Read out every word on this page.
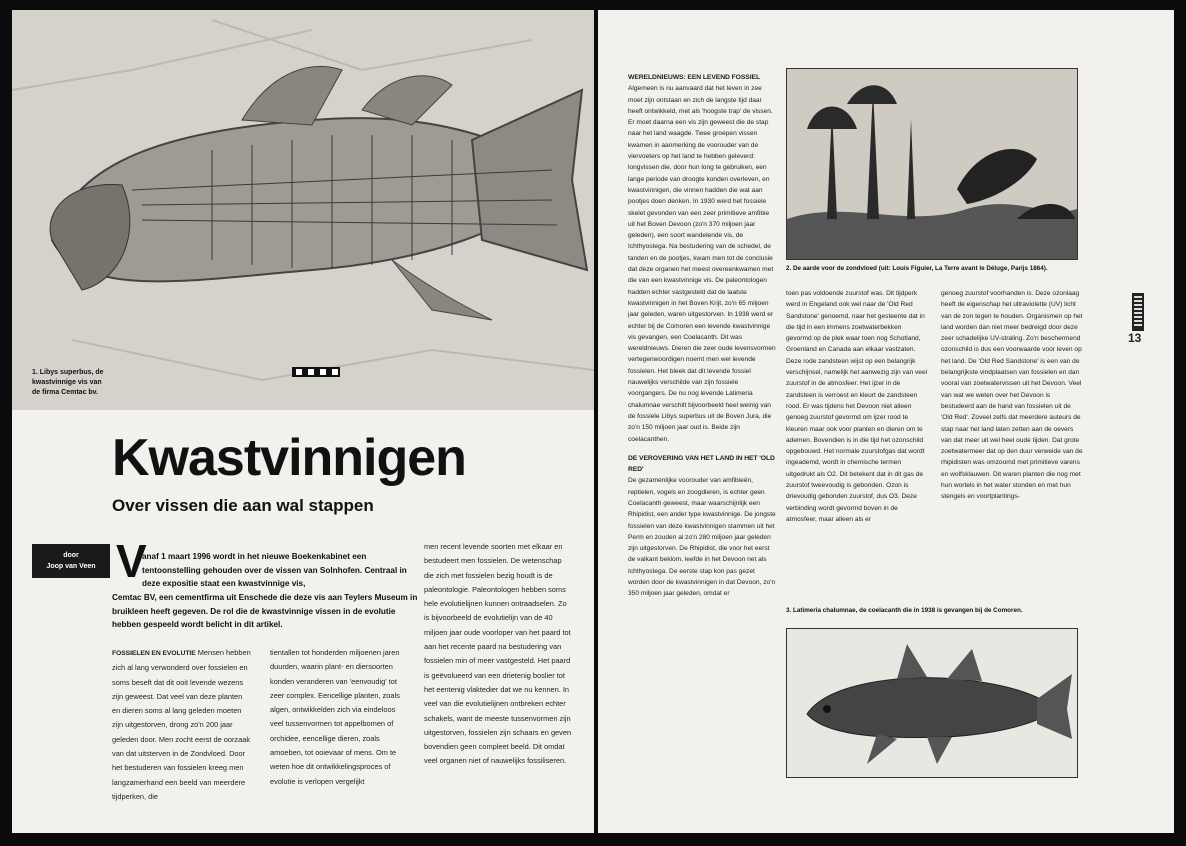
1. Libys superbus, de
kwastvinnige vis van
de firma Cemtac bv.
Kwastvinnigen
Over vissen die aan wal stappen
door
Joop van Veen V
anaf 1 maart 1996 wordt in het nieuwe Boekenkabinet een tentoonstelling gehouden over de vissen van Solnhofen. Centraal in deze expositie staat een kwastvinnige vis,
Cemtac BV, een cementfirma uit Enschede die deze vis aan Teylers Museum in bruikleen heeft gegeven. De rol die de kwastvinnige vissen in de evolutie hebben gespeeld wordt belicht in dit artikel.

FOSSIELEN EN EVOLUTIE Mensen hebben zich al lang verwonderd over fossielen en soms beseft dat dit ooit levende wezens zijn geweest. Dat veel van deze planten en dieren soms al lang geleden moeten zijn uitgestorven, drong zo'n 200 jaar geleden door. Men zocht eerst de oorzaak van dat uitsterven in de Zondvloed. Door het bestuderen van fossielen kreeg men langzamerhand een beeld van meerdere tijdperken, die

tientallen tot honderden miljoenen jaren duurden, waarin plant- en diersoorten konden veranderen van 'eenvoudig' tot zeer complex. Eencellige planten, zoals algen, ontwikkelden zich via eindeloos veel tussenvormen tot appelbomen of orchidee, eencellige dieren, zoals amoeben, tot ooievaar of mens. Om te weten hoe dit ontwikkelingsproces of evolutie is verlopen vergelijkt

men recent levende soorten met elkaar en bestudeert men fossielen. De wetenschap die zich met fossielen bezig houdt is de paleontologie. Paleontologen hebben soms hele evolutielijnen kunnen ontraadselen. Zo is bijvoorbeeld de evolutielijn van de 40 miljoen jaar oude voorloper van het paard tot aan het recente paard na bestudering van fossielen min of meer vastgesteld. Het paard is geëvolueerd van een drietenig boslier tot het eentenig vlaktedier dat we nu kennen. In veel van die evolutielijnen ontbreken echter schakels, want de meeste tussenvormen zijn uitgestorven, fossielen zijn schaars en geven bovendien geen compleet beeld. Dit omdat veel organen niet of nauwelijks fossiliseren.

WERELDNIEUWS: EEN LEVEND FOSSIEL
Algemeen is nu aanvaard dat het leven in zee moet zijn ontstaan en zich de langste tijd daar heeft ontwikkeld, met als 'hoogste trap' de vissen. Er moet daarna een vis zijn geweest die de stap naar het land waagde. Twee groepen vissen kwamen in aanmerking de voorouder van de viervoeters op het land te hebben geleverd: longvissen die, door hun long te gebruiken, een lange periode van droogte konden overleven, en kwastvinnigen, die vinnen hadden die wat aan pootjes doen denken. In 1930 werd het fossiele skelet gevonden van een zeer primitieve amfibie uit het Boven Devoon (zo'n 370 miljoen jaar geleden), een soort wandelende vis, de Ichthyostega. Na bestudering van de schedel, de tanden en de pootjes, kwam men tot de conclusie dat deze organen het meest overeenkwamen met die van een kwastvinnige vis. De paleontologen hadden echter vastgesteld dat de laatste kwastvinnigen in het Boven Krijt, zo'n 65 miljoen jaar geleden, waren uitgestorven. In 1938 werd er echter bij de Comoren een levende kwastvinnige vis gevangen, een Coelacanth. Dit was wereldnieuws. Dieren die zeer oude levensvormen vertegenwoordigen noemt men wel levende fossielen. Het bleek dat dit levende fossiel nauwelijks verschilde van zijn fossiele voorgangers. De nu nog levende Latimeria chalumnae verschilt bijvoorbeeld heel weinig van de fossiele Libys superbus uit de Boven Jura, die zo'n 150 miljoen jaar oud is. Beide zijn coelacanthen.

DE VEROVERING VAN HET LAND IN HET 'OLD RED'
De gezamenlijke voorouder van amfibieën, reptielen, vogels en zoogdieren, is echter geen Coelacanth geweest, maar waarschijnlijk een Rhipidist, een ander type kwastvinnige. De jongste fossielen van deze kwastvinnigen stammen uit het Perm en zouden al zo'n 280 miljoen jaar geleden zijn uitgestorven. De Rhipidist, die voor het eerst de valkant beklom, leefde in het Devoon net als Ichthyostega. De eerste stap kon pas gezet worden door de kwastvinnigen in dat Devoon, zo'n 350 miljoen jaar geleden, omdat er

2. De aarde voor de zondvloed (uit: Louis Figuier, La Terre avant le Déluge, Parijs 1864).

toen pas voldoende zuurstof was. Dit tijdperk werd in Engeland ook wel naar de 'Old Red Sandstone' genoemd, naar het gesteente dat in die tijd in een immens zoetwaterbekken gevormd op de plek waar toen nog Schotland, Groenland en Canada aan elkaar vastzaten. Deze rode zandsteen wijst op een belangrijk verschijnsel, namelijk het aanwezig zijn van veel zuurstof in de atmosfeer. Het ijzer in de zandsteen is verroest en kleurt de zandsteen rood. Er was tijdens het Devoon niet alleen genoeg zuurstof gevormd om ijzer rood te kleuren maar ook voor planten en dieren om te ademen. Bovendien is in die tijd het ozonschild opgebouwd. Het normale zuurstofgas dat wordt ingeademd, wordt in chemische termen uitgedrukt als O2. Dit betekent dat in dit gas de zuurstof tweevoudig is gebonden. Ozon is drievoudig gebonden zuurstof, dus O3. Deze verbinding wordt gevormd boven in de atmosfeer, maar alleen als er

genoeg zuurstof voorhanden is. Deze ozonlaag heeft de eigenschap het ultraviolette (UV) licht van de zon tegen te houden. Organismen op het land worden dan niet meer bedreigd door deze zeer schadelijke UV-straling. Zo'n beschermend ozonschild is dus een voorwaarde voor leven op het land. De 'Old Red Sandstone' is een van de belangrijkste vindplaatsen van fossielen en dan vooral van zoetwatervissen uit het Devoon. Veel van wat we weten over het Devoon is bestudeerd aan de hand van fossielen uit de 'Old Red'. Zoveel zelfs dat meerdere auteurs de stap naar het land laten zetten aan de oevers van dat meer uit wel heel oude tijden. Dat grote zoetwatermeer dat op den duur verweide van de rhipidisten was omzoomd met primitieve varens en wolfsklauwen. Dit waren planten die nog met hun wortels in het water stonden en met hun stengels en voortplantings-

3. Latimeria chalumnae, de coelacanth die in 1938 is gevangen bij de Comoren.
13
